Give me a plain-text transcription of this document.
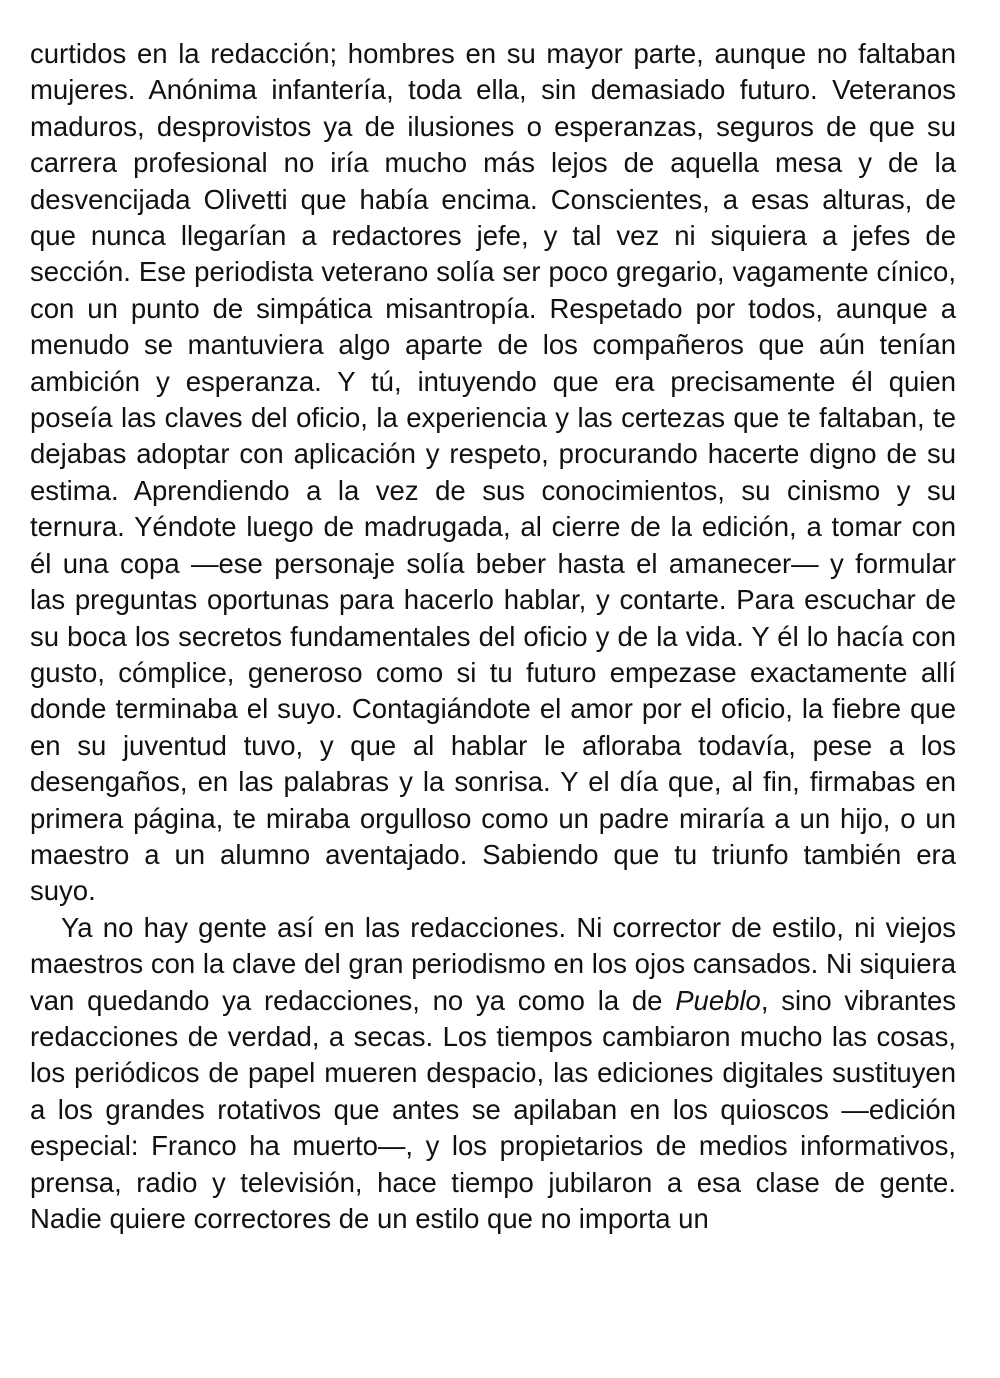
curtidos en la redacción; hombres en su mayor parte, aunque no faltaban mujeres. Anónima infantería, toda ella, sin demasiado futuro. Veteranos maduros, desprovistos ya de ilusiones o esperanzas, seguros de que su carrera profesional no iría mucho más lejos de aquella mesa y de la desvencijada Olivetti que había encima. Conscientes, a esas alturas, de que nunca llegarían a redactores jefe, y tal vez ni siquiera a jefes de sección. Ese periodista veterano solía ser poco gregario, vagamente cínico, con un punto de simpática misantropía. Respetado por todos, aunque a menudo se mantuviera algo aparte de los compañeros que aún tenían ambición y esperanza. Y tú, intuyendo que era precisamente él quien poseía las claves del oficio, la experiencia y las certezas que te faltaban, te dejabas adoptar con aplicación y respeto, procurando hacerte digno de su estima. Aprendiendo a la vez de sus conocimientos, su cinismo y su ternura. Yéndote luego de madrugada, al cierre de la edición, a tomar con él una copa —ese personaje solía beber hasta el amanecer— y formular las preguntas oportunas para hacerlo hablar, y contarte. Para escuchar de su boca los secretos fundamentales del oficio y de la vida. Y él lo hacía con gusto, cómplice, generoso como si tu futuro empezase exactamente allí donde terminaba el suyo. Contagiándote el amor por el oficio, la fiebre que en su juventud tuvo, y que al hablar le afloraba todavía, pese a los desengaños, en las palabras y la sonrisa. Y el día que, al fin, firmabas en primera página, te miraba orgulloso como un padre miraría a un hijo, o un maestro a un alumno aventajado. Sabiendo que tu triunfo también era suyo.

Ya no hay gente así en las redacciones. Ni corrector de estilo, ni viejos maestros con la clave del gran periodismo en los ojos cansados. Ni siquiera van quedando ya redacciones, no ya como la de Pueblo, sino vibrantes redacciones de verdad, a secas. Los tiempos cambiaron mucho las cosas, los periódicos de papel mueren despacio, las ediciones digitales sustituyen a los grandes rotativos que antes se apilaban en los quioscos —edición especial: Franco ha muerto—, y los propietarios de medios informativos, prensa, radio y televisión, hace tiempo jubilaron a esa clase de gente. Nadie quiere correctores de un estilo que no importa un
